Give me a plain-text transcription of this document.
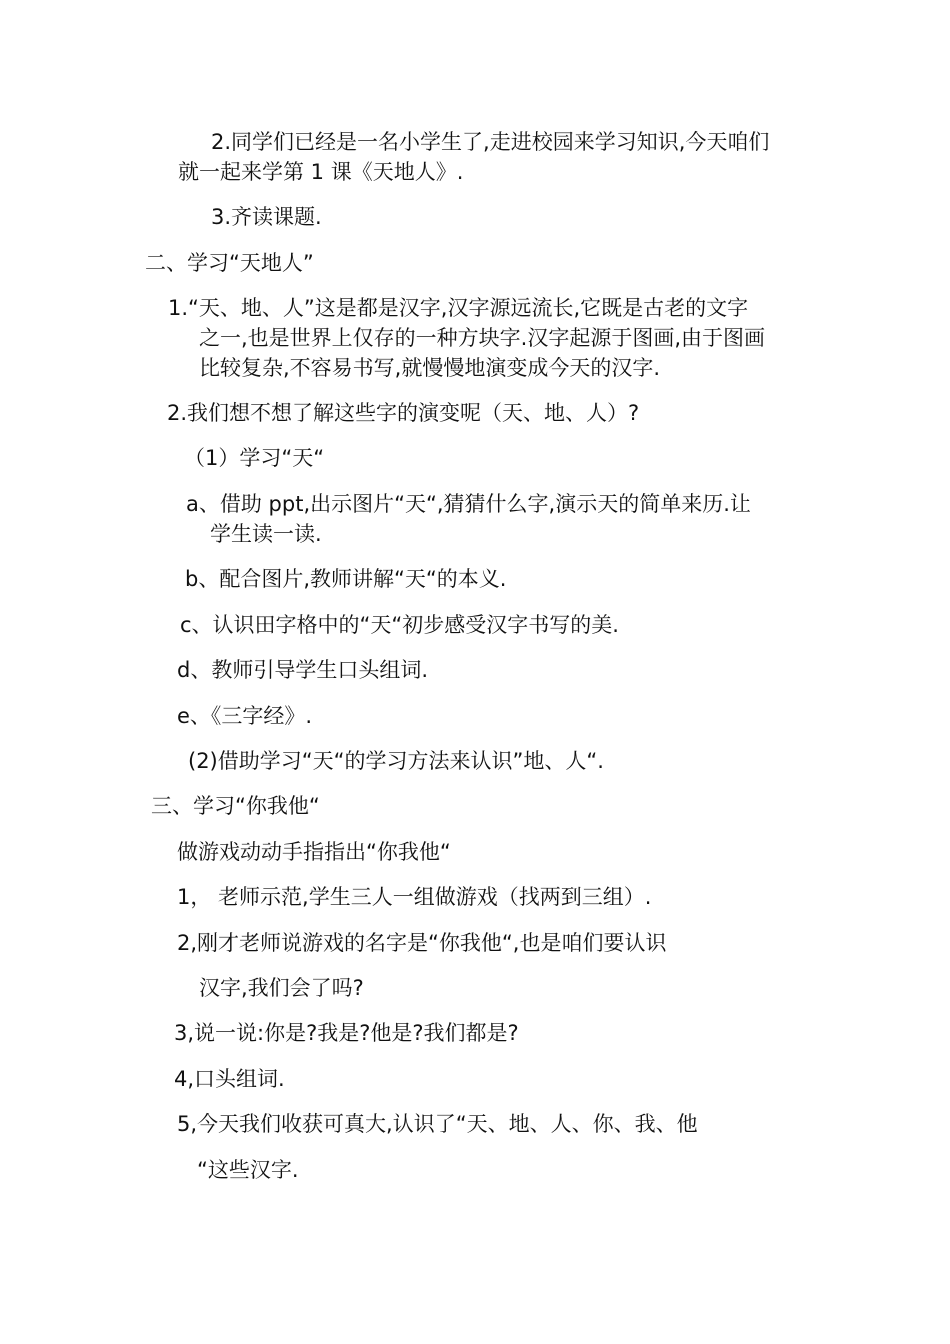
2.同学们已经是一名小学生了,走进校园来学习知识,今天咱们

就一起来学第 1 课《天地人》.

3.齐读课题.

二、学习“天地人”

1.“天、地、人”这是都是汉字,汉字源远流长,它既是古老的文字

之一,也是世界上仅存的一种方块字.汉字起源于图画,由于图画

比较复杂,不容易书写,就慢慢地演变成今天的汉字.

2.我们想不想了解这些字的演变呢（天、地、人）?

（1）学习“天“

a、借助 ppt,出示图片“天“,猜猜什么字,演示天的简单来历.让

学生读一读.

b、配合图片,教师讲解“天“的本义.

c、认识田字格中的“天“初步感受汉字书写的美.

d、教师引导学生口头组词.

e、《三字经》.

(2)借助学习“天“的学习方法来认识”地、人“.

三、学习“你我他“

做游戏动动手指指出“你我他“

1， 老师示范,学生三人一组做游戏（找两到三组）.

2,刚才老师说游戏的名字是“你我他“,也是咱们要认识

汉字,我们会了吗?

3,说一说:你是?我是?他是?我们都是?

4,口头组词.

5,今天我们收获可真大,认识了“天、地、人、你、我、他

“这些汉字.
